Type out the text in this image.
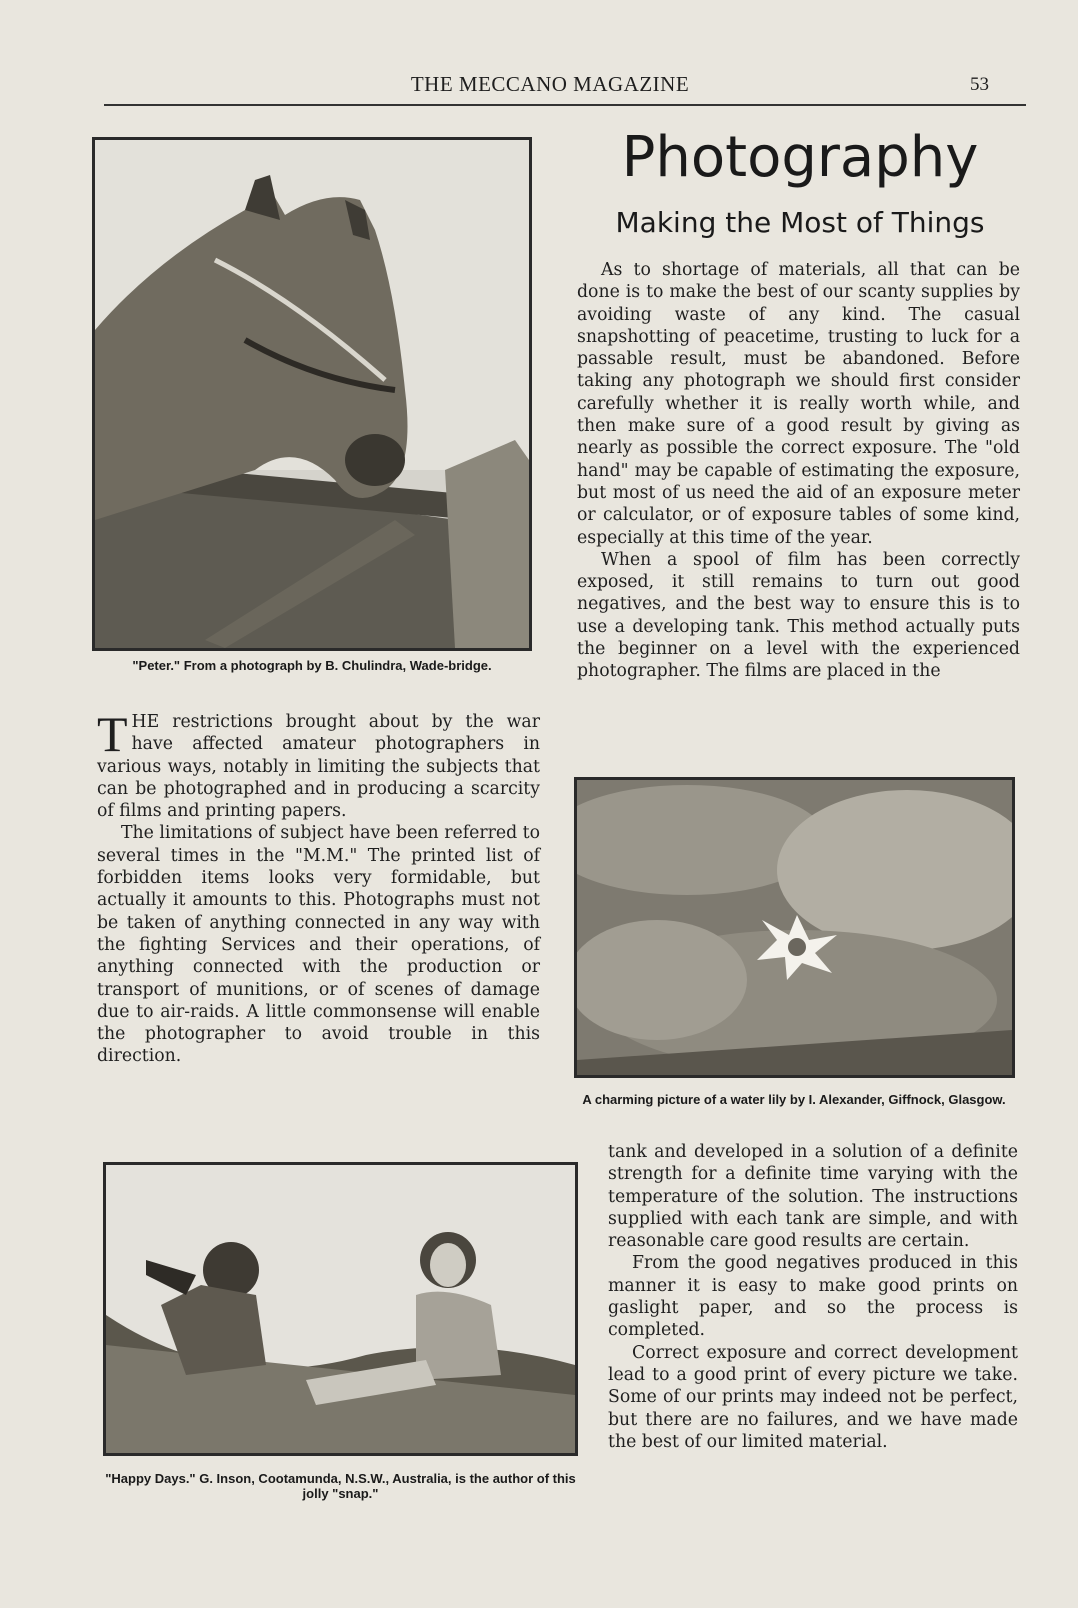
THE MECCANO MAGAZINE	53
"Peter." From a photograph by B. Chulindra, Wade-bridge.

THE restrictions brought about by the war have affected amateur photographers in various ways, notably in limiting the subjects that can be photographed and in producing a scarcity of films and printing papers.

The limitations of subject have been referred to several times in the "M.M." The printed list of forbidden items looks very formidable, but actually it amounts to this. Photographs must not be taken of anything connected in any way with the fighting Services and their operations, of anything connected with the production or transport of munitions, or of scenes of damage due to air-raids. A little commonsense will enable the photographer to avoid trouble in this direction.

"Happy Days." G. Inson, Cootamunda, N.S.W., Australia, is the author of this jolly "snap."
Photography
Making the Most of Things

As to shortage of materials, all that can be done is to make the best of our scanty supplies by avoiding waste of any kind. The casual snapshotting of peacetime, trusting to luck for a passable result, must be abandoned. Before taking any photograph we should first consider carefully whether it is really worth while, and then make sure of a good result by giving as nearly as possible the correct exposure. The "old hand" may be capable of estimating the exposure, but most of us need the aid of an exposure meter or calculator, or of exposure tables of some kind, especially at this time of the year.

When a spool of film has been correctly exposed, it still remains to turn out good negatives, and the best way to ensure this is to use a developing tank. This method actually puts the beginner on a level with the experienced photographer. The films are placed in the

A charming picture of a water lily by I. Alexander, Giffnock, Glasgow.

tank and developed in a solution of a definite strength for a definite time varying with the temperature of the solution. The instructions supplied with each tank are simple, and with reasonable care good results are certain.

From the good negatives produced in this manner it is easy to make good prints on gaslight paper, and so the process is completed.

Correct exposure and correct development lead to a good print of every picture we take. Some of our prints may indeed not be perfect, but there are no failures, and we have made the best of our limited material.
